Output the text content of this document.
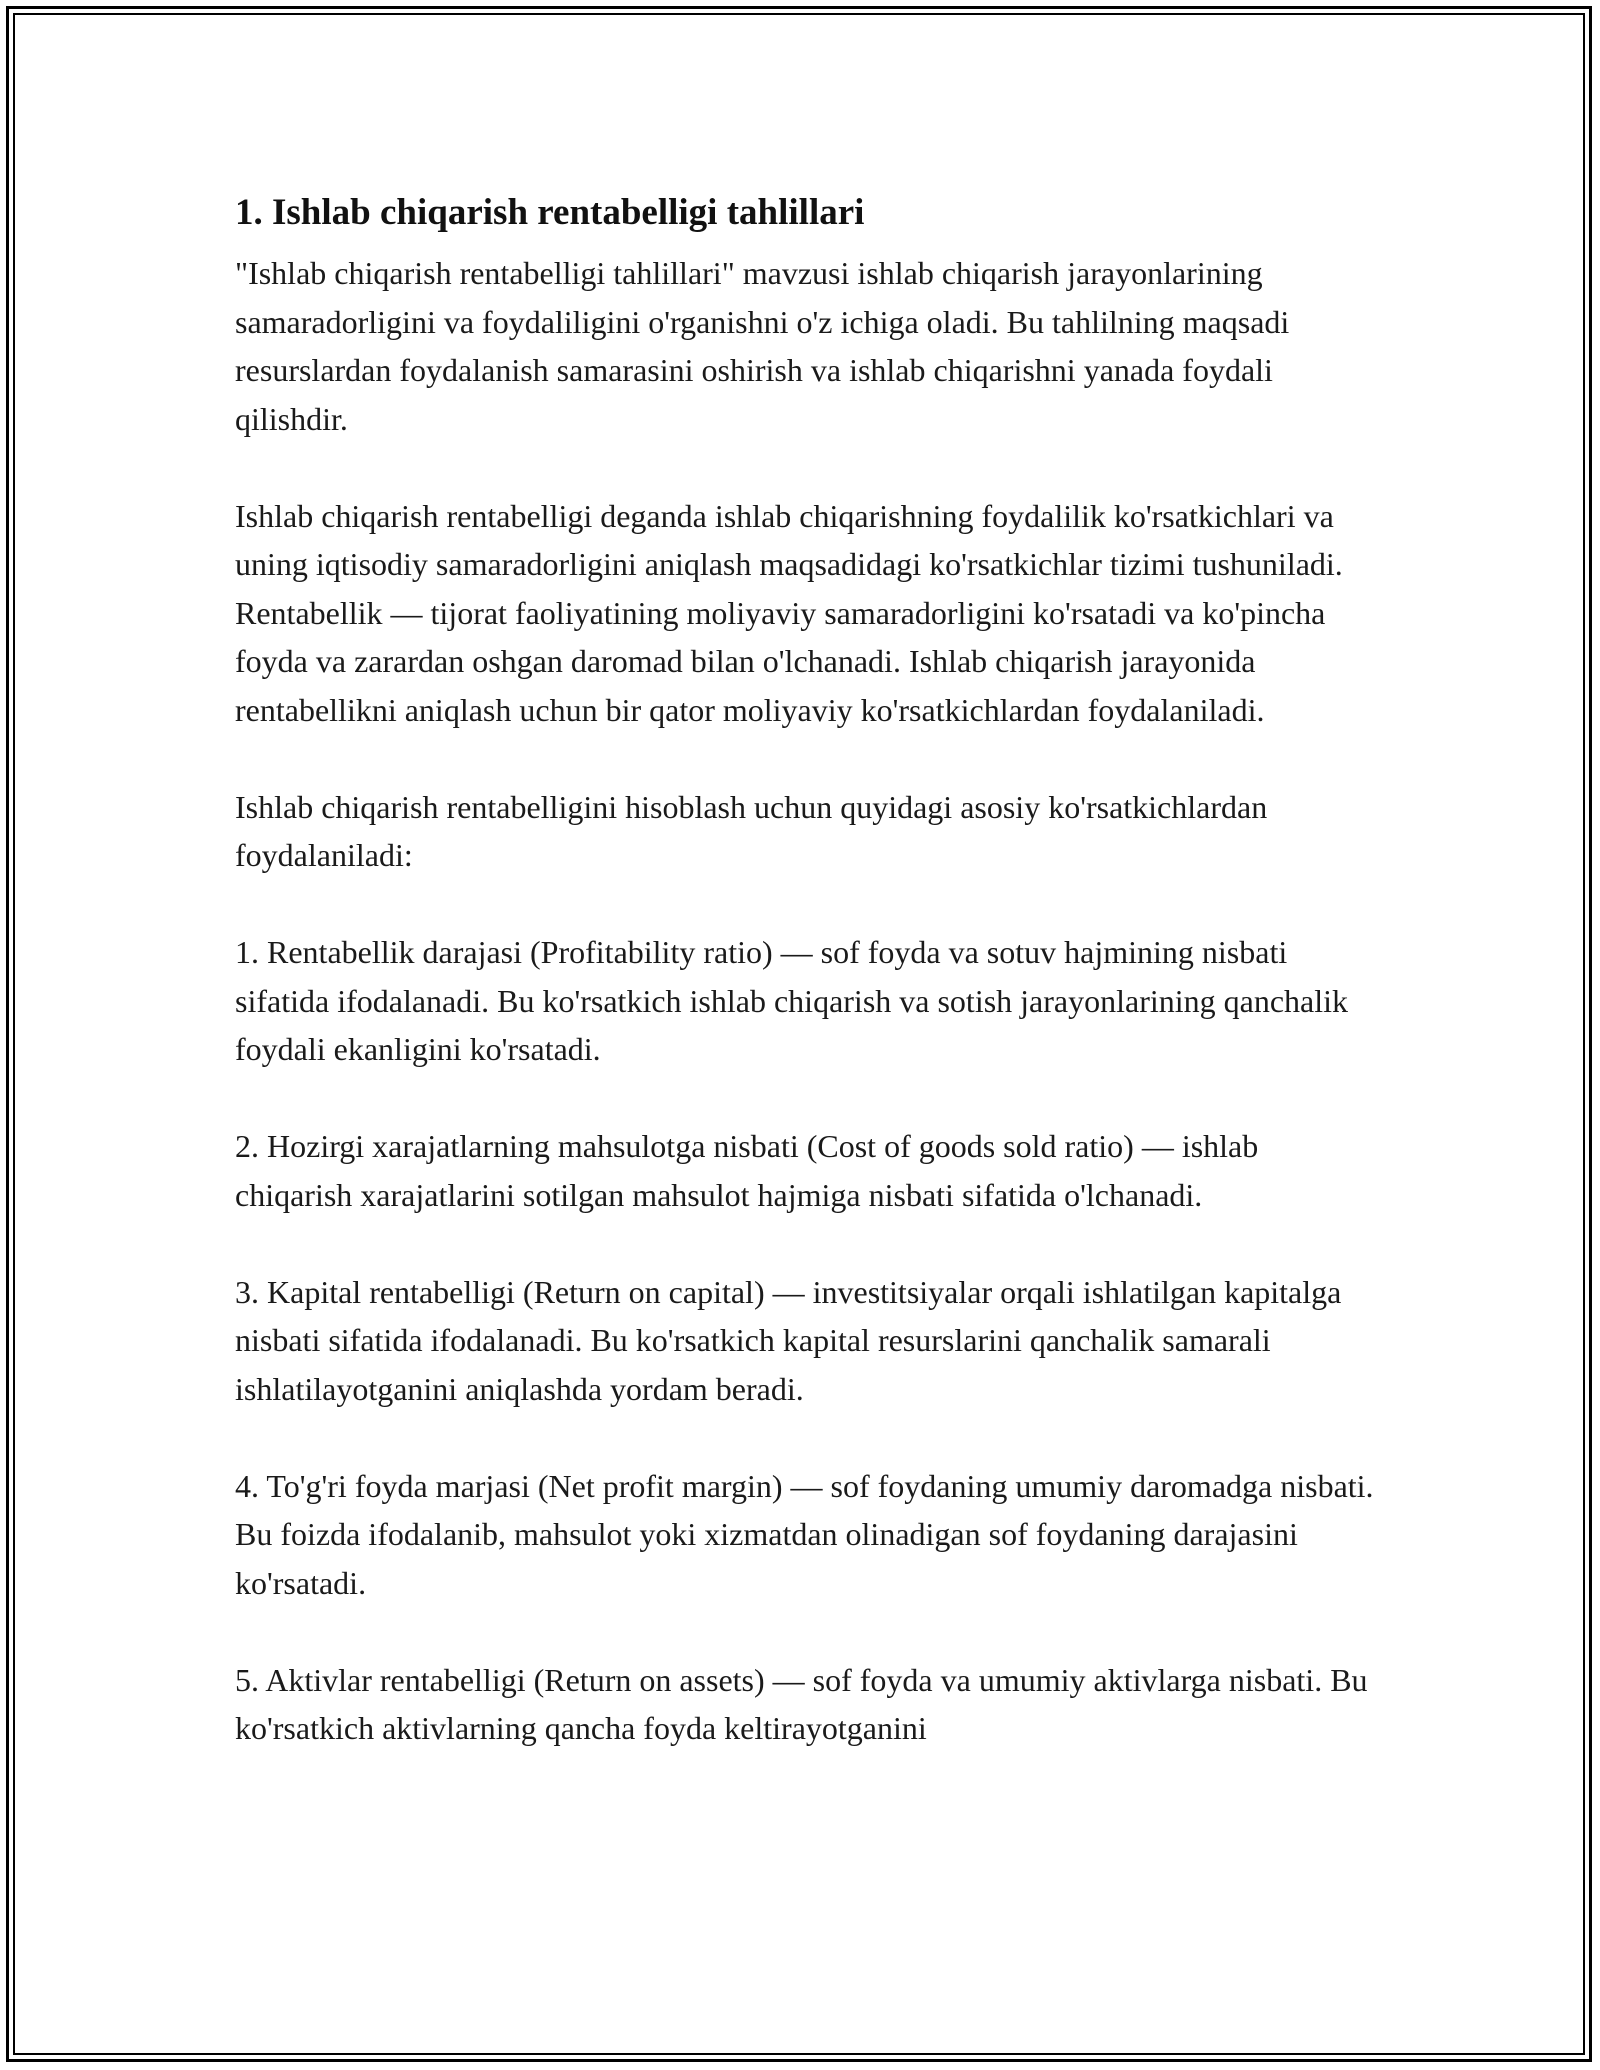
1. Ishlab chiqarish rentabelligi tahlillari

"Ishlab chiqarish rentabelligi tahlillari" mavzusi ishlab chiqarish jarayonlarining samaradorligini va foydaliligini o'rganishni o'z ichiga oladi. Bu tahlilning maqsadi resurslardan foydalanish samarasini oshirish va ishlab chiqarishni yanada foydali qilishdir.

Ishlab chiqarish rentabelligi deganda ishlab chiqarishning foydalilik ko'rsatkichlari va uning iqtisodiy samaradorligini aniqlash maqsadidagi ko'rsatkichlar tizimi tushuniladi. Rentabellik — tijorat faoliyatining moliyaviy samaradorligini ko'rsatadi va ko'pincha foyda va zarardan oshgan daromad bilan o'lchanadi. Ishlab chiqarish jarayonida rentabellikni aniqlash uchun bir qator moliyaviy ko'rsatkichlardan foydalaniladi.

Ishlab chiqarish rentabelligini hisoblash uchun quyidagi asosiy ko'rsatkichlardan foydalaniladi:

1. Rentabellik darajasi (Profitability ratio) — sof foyda va sotuv hajmining nisbati sifatida ifodalanadi. Bu ko'rsatkich ishlab chiqarish va sotish jarayonlarining qanchalik foydali ekanligini ko'rsatadi.

2. Hozirgi xarajatlarning mahsulotga nisbati (Cost of goods sold ratio) — ishlab chiqarish xarajatlarini sotilgan mahsulot hajmiga nisbati sifatida o'lchanadi.

3. Kapital rentabelligi (Return on capital) — investitsiyalar orqali ishlatilgan kapitalga nisbati sifatida ifodalanadi. Bu ko'rsatkich kapital resurslarini qanchalik samarali ishlatilayotganini aniqlashda yordam beradi.

4. To'g'ri foyda marjasi (Net profit margin) — sof foydaning umumiy daromadga nisbati. Bu foizda ifodalanib, mahsulot yoki xizmatdan olinadigan sof foydaning darajasini ko'rsatadi.

5. Aktivlar rentabelligi (Return on assets) — sof foyda va umumiy aktivlarga nisbati. Bu ko'rsatkich aktivlarning qancha foyda keltirayotganini
